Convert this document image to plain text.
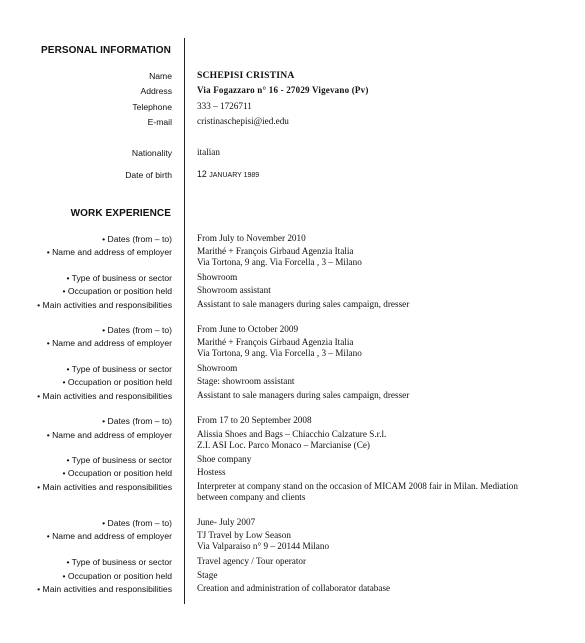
PERSONAL INFORMATION
Name	SCHEPISI CRISTINA
Address	Via Fogazzaro n° 16 - 27029 Vigevano (Pv)
Telephone	333 – 1726711
E-mail	cristinaschepisi@ied.edu
Nationality	italian
Date of birth	12 JANUARY 1989
WORK EXPERIENCE
• Dates (from – to)	From July to November 2010
• Name and address of employer	Marithé + François Girbaud Agenzia Italia
Via Tortona, 9 ang. Via Forcella , 3 – Milano
• Type of business or sector	Showroom
• Occupation or position held	Showroom assistant
• Main activities and responsibilities	Assistant to sale managers during sales campaign, dresser
• Dates (from – to)	From June to October 2009
• Name and address of employer	Marithé + François Girbaud Agenzia Italia
Via Tortona, 9 ang. Via Forcella , 3 – Milano
• Type of business or sector	Showroom
• Occupation or position held	Stage: showroom assistant
• Main activities and responsibilities	Assistant to sale managers during sales campaign, dresser
• Dates (from – to)	From 17 to 20 September 2008
• Name and address of employer	Alissia Shoes and Bags – Chiacchio Calzature S.r.l.
Z.I. ASI Loc. Parco Monaco – Marcianise (Ce)
• Type of business or sector	Shoe company
• Occupation or position held	Hostess
• Main activities and responsibilities	Interpreter at company stand on the occasion of MICAM 2008 fair in Milan. Mediation between company and clients
• Dates (from – to)	June- July 2007
• Name and address of employer	TJ Travel by Low Season
Via Valparaiso n° 9 – 20144 Milano
• Type of business or sector	Travel agency / Tour operator
• Occupation or position held	Stage
• Main activities and responsibilities	Creation and administration of collaborator database
